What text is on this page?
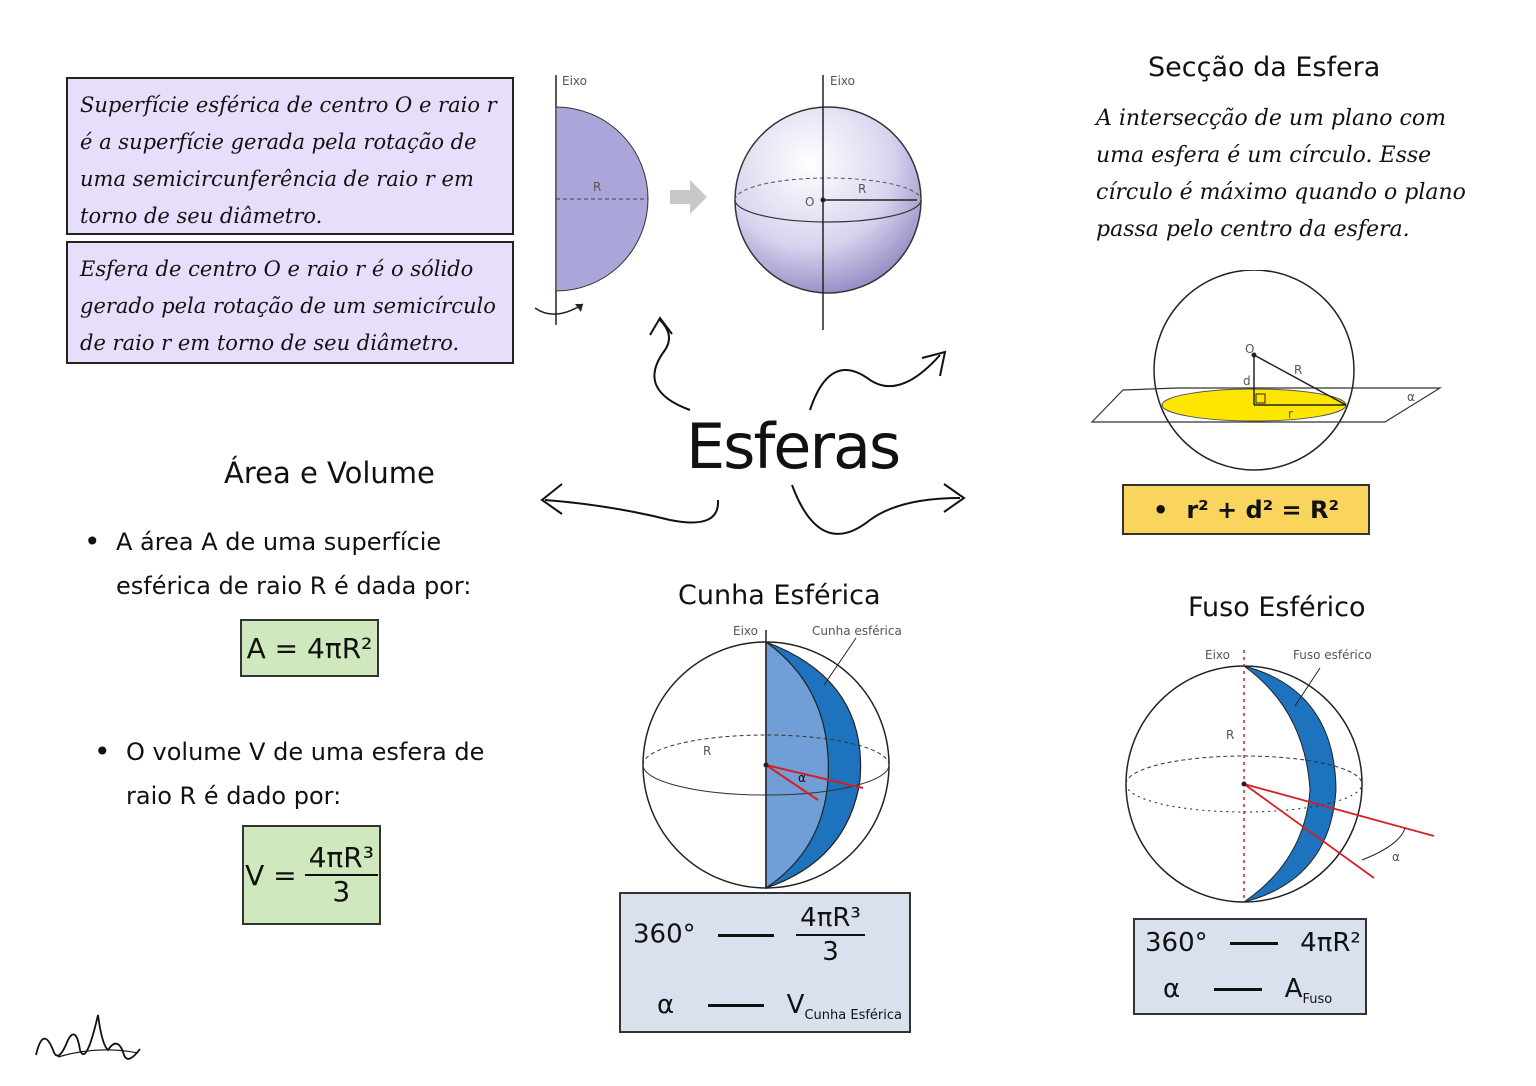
Superfície esférica de centro O e raio r é a superfície gerada pela rotação de uma semicircunferência de raio r em torno de seu diâmetro.
Esfera de centro O e raio r é o sólido gerado pela rotação de um semicírculo de raio r em torno de seu diâmetro.
Eixo	Eixo
R	R
O
Esferas
Secção da Esfera
A intersecção de um plano com uma esfera é um círculo. Esse círculo é máximo quando o plano passa pelo centro da esfera.
O
d
R
r
α
• r² + d² = R²
Área e Volume
• A área A de uma superfície esférica de raio R é dada por:
A = 4πR²
• O volume V de uma esfera de raio R é dado por:
$V = \frac{\text{4πR³}}{3}$
Cunha Esférica
Eixo	Cunha esférica
R
α
360°	$\frac{\text{4πR³}}{3}$
α	$V_{Cunha Esférica}$
Fuso Esférico
Eixo	Fuso esférico
R
α
360°	4πR²
α	$A_{Fuso}$
